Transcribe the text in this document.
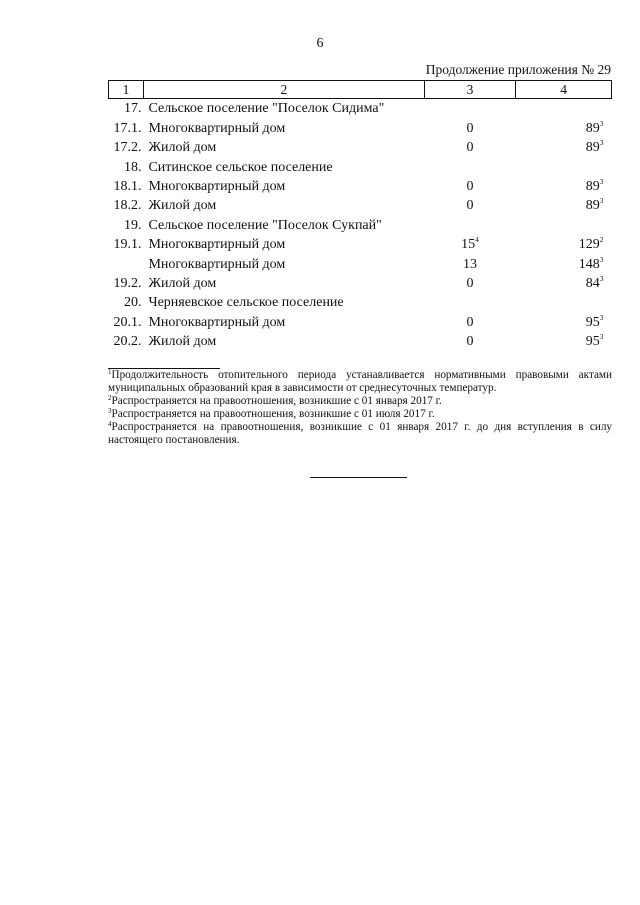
6
Продолжение приложения № 29
1	2	3	4
17.	Сельское поселение "Поселок Сидима"		
17.1.	Многоквартирный дом	0	$89^3$
17.2.	Жилой дом	0	$89^3$
18.	Ситинское сельское поселение		
18.1.	Многоквартирный дом	0	$89^3$
18.2.	Жилой дом	0	$89^3$
19.	Сельское поселение "Поселок Сукпай"		
19.1.	Многоквартирный дом	$15^4$	$129^2$
	Многоквартирный дом	13	$148^3$
19.2.	Жилой дом	0	$84^3$
20.	Черняевское сельское поселение		
20.1.	Многоквартирный дом	0	$95^3$
20.2.	Жилой дом	0	$95^3$

$^1$Продолжительность отопительного периода устанавливается нормативными правовыми актами муниципальных образований края в зависимости от среднесуточных температур.

$^2$Распространяется на правоотношения, возникшие с 01 января 2017 г.

$^3$Распространяется на правоотношения, возникшие с 01 июля 2017 г.

$^4$Распространяется на правоотношения, возникшие с 01 января 2017 г. до дня вступления в силу настоящего постановления.
